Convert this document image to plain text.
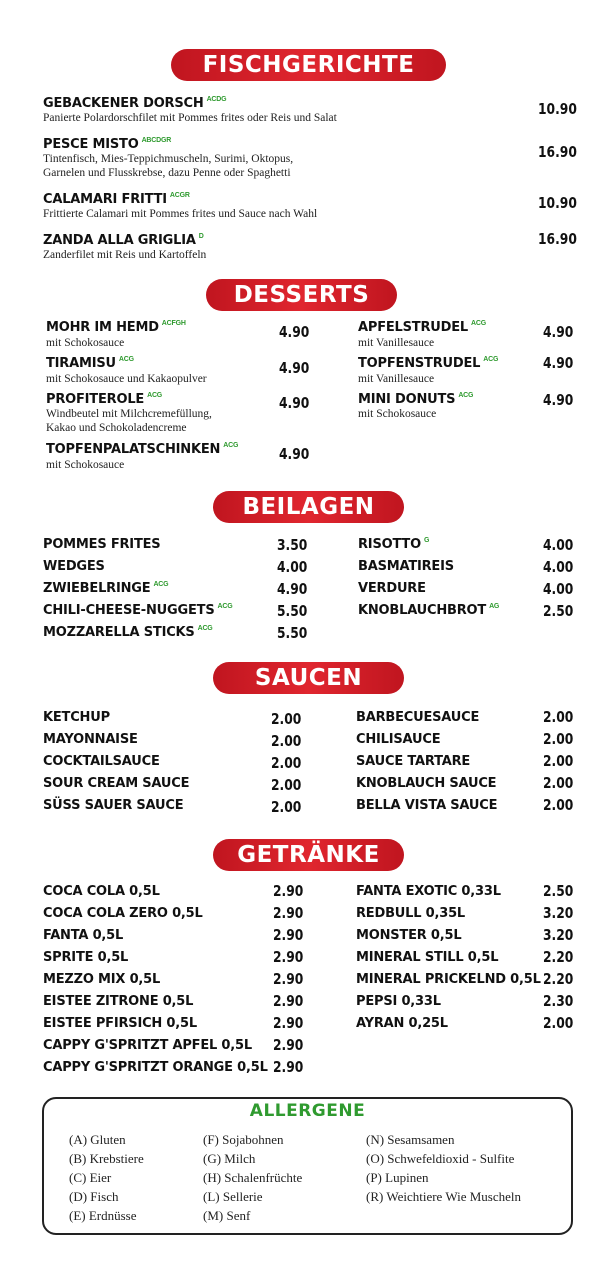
FISCHGERICHTE
GEBACKENER DORSCH $^{ACDG}$
Panierte Polardorschfilet mit Pommes frites oder Reis und Salat	10.90
PESCE MISTO $^{ABCDGR}$
Tintenfisch, Mies-Teppichmuscheln, Surimi, Oktopus,
Garnelen und Flusskrebse, dazu Penne oder Spaghetti
16.90
CALAMARI FRITTI $^{ACGR}$
Frittierte Calamari mit Pommes frites und Sauce nach Wahl
10.90
ZANDA ALLA GRIGLIA $^D$
Zanderfilet mit Reis und Kartoffeln
16.90
DESSERTS
MOHR IM HEMD $^{ACFGH}$
mit Schokosauce
4.90
TIRAMISU $^{ACG}$
mit Schokosauce und Kakaopulver
4.90
PROFITEROLE $^{ACG}$
Windbeutel mit Milchcremefüllung,
Kakao und Schokoladencreme
4.90
TOPFENPALATSCHINKEN $^{ACG}$
mit Schokosauce
4.90
APFELSTRUDEL $^{ACG}$
mit Vanillesauce
4.90
TOPFENSTRUDEL $^{ACG}$
mit Vanillesauce
4.90
MINI DONUTS $^{ACG}$
mit Schokosauce
4.90
BEILAGEN
POMMES FRITES	3.50
WEDGES	4.00
ZWIEBELRINGE $^{ACG}$	4.90
CHILI-CHEESE-NUGGETS $^{ACG}$	5.50
MOZZARELLA STICKS $^{ACG}$	5.50
RISOTTO $^G$	4.00
BASMATIREIS	4.00
VERDURE	4.00
KNOBLAUCHBROT $^{AG}$	2.50
SAUCEN
KETCHUP	2.00
MAYONNAISE	2.00
COCKTAILSAUCE	2.00
SOUR CREAM SAUCE	2.00
SÜSS SAUER SAUCE	2.00
BARBECUESAUCE	2.00
CHILISAUCE	2.00
SAUCE TARTARE	2.00
KNOBLAUCH SAUCE	2.00
BELLA VISTA SAUCE	2.00
GETRÄNKE
COCA COLA 0,5L	2.90
COCA COLA ZERO 0,5L	2.90
FANTA 0,5L	2.90
SPRITE 0,5L	2.90
MEZZO MIX 0,5L	2.90
EISTEE ZITRONE 0,5L	2.90
EISTEE PFIRSICH 0,5L	2.90
CAPPY G'SPRITZT APFEL 0,5L 2.90
CAPPY G'SPRITZT ORANGE 0,5L 2.90
FANTA EXOTIC 0,33L	2.50
REDBULL 0,35L	3.20
MONSTER 0,5L	3.20
MINERAL STILL 0,5L	2.20
MINERAL PRICKELND 0,5L 2.20
PEPSI 0,33L	2.30
AYRAN 0,25L	2.00
ALLERGENE
(A) Gluten
(B) Krebstiere
(C) Eier
(D) Fisch
(E) Erdnüsse
(F) Sojabohnen
(G) Milch
(H) Schalenfrüchte
(L) Sellerie
(M) Senf
(N) Sesamsamen
(O) Schwefeldioxid - Sulfite
(P) Lupinen
(R) Weichtiere Wie Muscheln
